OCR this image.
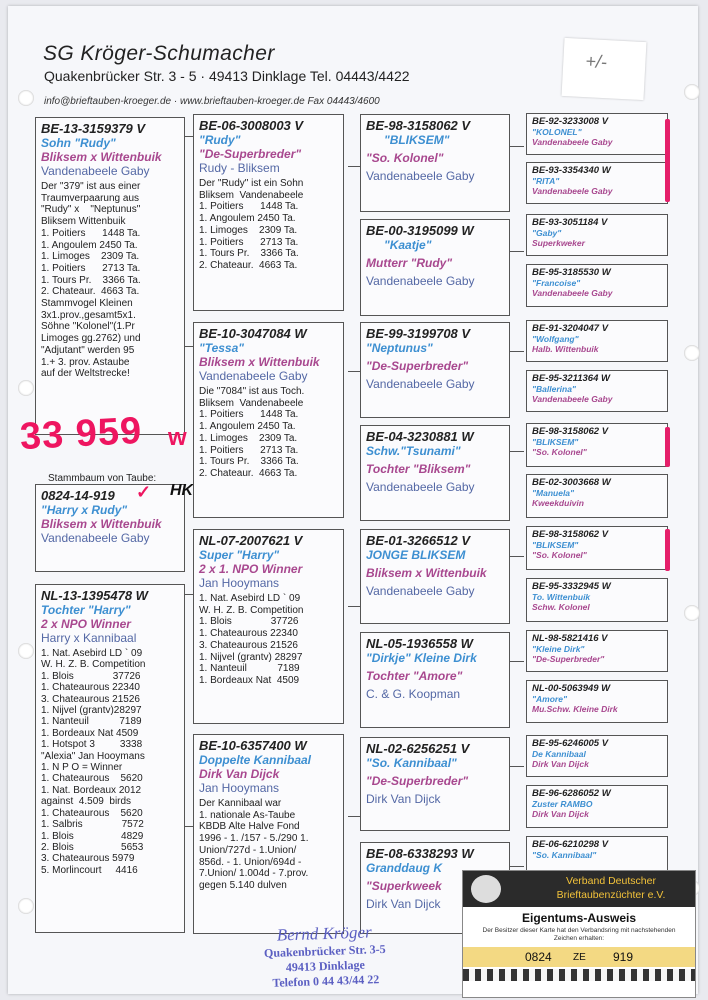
SG Kröger-Schumacher
Quakenbrücker Str. 3 - 5 · 49413 Dinklage Tel. 04443/4422
info@brieftauben-kroeger.de · www.brieftauben-kroeger.de Fax 04443/4600
+/-
BE-13-3159379 V
Sohn "Rudy"
Bliksem x Wittenbuik
Vandenabeele Gaby
Der "379" ist aus einer
Traumverpaarung aus
"Rudy" x    "Neptunus"
Bliksem Wittenbuik
1. Poitiers      1448 Ta.
1. Angoulem 2450 Ta.
1. Limoges    2309 Ta.
1. Poitiers      2713 Ta.
1. Tours Pr.    3366 Ta.
2. Chateaur.  4663 Ta.
Stammvogel Kleinen
3x1.prov.,gesamt5x1.
Söhne "Kolonel"(1.Pr
Limoges gg.2762) und
"Adjutant" werden 95
1.+ 3. prov. Astaube
auf der Weltstrecke!
33 959 w
Stammbaum von Taube:
0824-14-919
"Harry x Rudy"
Bliksem x Wittenbuik
Vandenabeele Gaby
✓ HK
NL-13-1395478 W
Tochter "Harry"
2 x NPO Winner
Harry x Kannibaal
1. Nat. Asebird LD ` 09
W. H. Z. B. Competition
1. Blois              37726
1. Chateaurous 22340
3. Chateaurous 21526
1. Nijvel (grantv)28297
1. Nanteuil           7189
1. Bordeaux Nat 4509
1. Hotspot 3         3338
"Alexia" Jan Hooymans
1. N P O = Winner
1. Chateaurous    5620
1. Nat. Bordeaux 2012
against  4.509  birds
1. Chateaurous    5620
1. Salbris              7572
1. Blois                 4829
2. Blois                 5653
3. Chateaurous 5979
5. Morlincourt     4416
BE-06-3008003 V
"Rudy"
"De-Superbreder"
Rudy - Bliksem
Der "Rudy" ist ein Sohn
Bliksem  Vandenabeele
1. Poitiers      1448 Ta.
1. Angoulem 2450 Ta.
1. Limoges    2309 Ta.
1. Poitiers      2713 Ta.
1. Tours Pr.    3366 Ta.
2. Chateaur.  4663 Ta.
BE-10-3047084 W
"Tessa"
Bliksem x Wittenbuik
Vandenabeele Gaby
Die "7084" ist aus Toch.
Bliksem  Vandenabeele
1. Poitiers      1448 Ta.
1. Angoulem 2450 Ta.
1. Limoges    2309 Ta.
1. Poitiers      2713 Ta.
1. Tours Pr.    3366 Ta.
2. Chateaur.  4663 Ta.
NL-07-2007621 V
Super "Harry"
2 x 1. NPO Winner
Jan Hooymans
1. Nat. Asebird LD ` 09
W. H. Z. B. Competition
1. Blois              37726
1. Chateaurous 22340
3. Chateaurous 21526
1. Nijvel (grantv) 28297
1. Nanteuil           7189
1. Bordeaux Nat  4509
BE-10-6357400 W
Doppelte Kannibaal
Dirk Van Dijck
Jan Hooymans
Der Kannibaal war
1. nationale As-Taube
KBDB Alte Halve Fond
1996 - 1. /157 - 5./290 1.
Union/727d - 1.Union/
856d. - 1. Union/694d -
7.Union/ 1.004d - 7.prov.
gegen 5.140 dulven
BE-98-3158062 V
"BLIKSEM"
"So. Kolonel"
Vandenabeele Gaby
BE-00-3195099 W
"Kaatje"
Mutterr "Rudy"
Vandenabeele Gaby
BE-99-3199708 V
"Neptunus"
"De-Superbreder"
Vandenabeele Gaby
BE-04-3230881 W
Schw."Tsunami"
Tochter "Bliksem"
Vandenabeele Gaby
BE-01-3266512 V
JONGE BLIKSEM
Bliksem x Wittenbuik
Vandenabeele Gaby
NL-05-1936558 W
"Dirkje" Kleine Dirk
Tochter "Amore"
C. & G. Koopman
NL-02-6256251 V
"So. Kannibaal"
"De-Superbreder"
Dirk Van Dijck
BE-08-6338293 W
Granddaug K
"Superkweek
Dirk Van Dijck
BE-92-3233008 V
"KOLONEL"
Vandenabeele Gaby
BE-93-3354340 W
"RITA"
Vandenabeele Gaby
BE-93-3051184 V
"Gaby"
Superkweker
BE-95-3185530 W
"Francoise"
Vandenabeele Gaby
BE-91-3204047 V
"Wolfgang"
Halb. Wittenbuik
BE-95-3211364 W
"Ballerina"
Vandenabeele Gaby
BE-98-3158062 V
"BLIKSEM"
"So. Kolonel"
BE-02-3003668 W
"Manuela"
Kweekduivin
BE-98-3158062 V
"BLIKSEM"
"So. Kolonel"
BE-95-3332945 W
To. Wittenbuik
Schw. Kolonel
NL-98-5821416 V
"Kleine Dirk"
"De-Superbreder"
NL-00-5063949 W
"Amore"
Mu.Schw. Kleine Dirk
BE-95-6246005 V
De Kannibaal
Dirk Van Dijck
BE-96-6286052 W
Zuster RAMBO
Dirk Van Dijck
BE-06-6210298 V
"So. Kannibaal"
Bernd Kröger
Quakenbrücker Str. 3-5
49413 Dinklage
Telefon 0 44 43/44 22
Verband Deutscher
Brieftaubenzüchter e.V.
Eigentums-Ausweis
Der Besitzer dieser Karte hat den Verbandsring mit nachstehenden Zeichen erhalten:
0824 ZE 919
